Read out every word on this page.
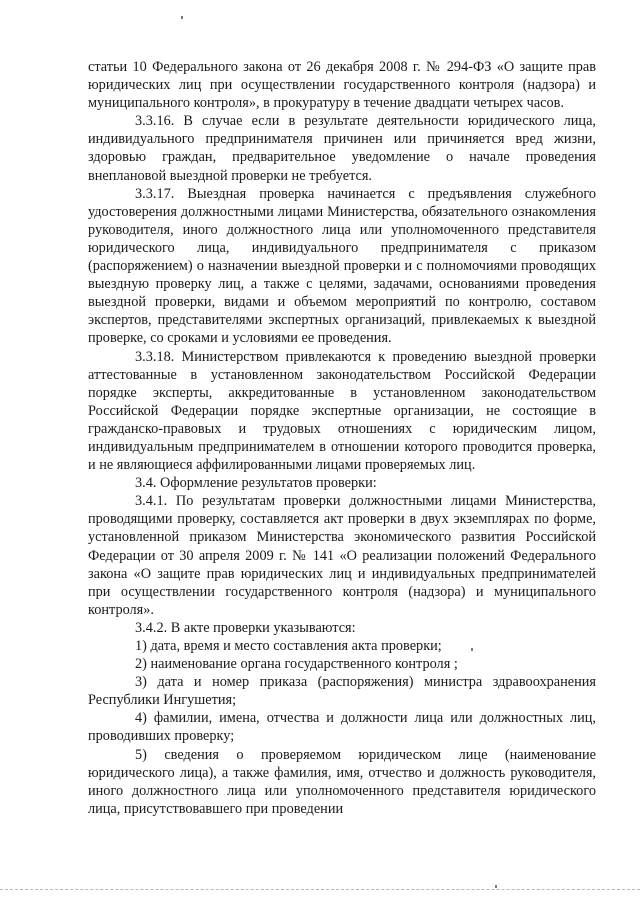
статьи 10 Федерального закона от 26 декабря 2008 г. № 294-ФЗ «О защите прав юридических лиц при осуществлении государственного контроля (надзора) и муниципального контроля», в прокуратуру в течение двадцати четырех часов.

3.3.16. В случае если в результате деятельности юридического лица, индивидуального предпринимателя причинен или причиняется вред жизни, здоровью граждан, предварительное уведомление о начале проведения внеплановой выездной проверки не требуется.

3.3.17. Выездная проверка начинается с предъявления служебного удостоверения должностными лицами Министерства, обязательного ознакомления руководителя, иного должностного лица или уполномоченного представителя юридического лица, индивидуального предпринимателя с приказом (распоряжением) о назначении выездной проверки и с полномочиями проводящих выездную проверку лиц, а также с целями, задачами, основаниями проведения выездной проверки, видами и объемом мероприятий по контролю, составом экспертов, представителями экспертных организаций, привлекаемых к выездной проверке, со сроками и условиями ее проведения.

3.3.18. Министерством привлекаются к проведению выездной проверки аттестованные в установленном законодательством Российской Федерации порядке эксперты, аккредитованные в установленном законодательством Российской Федерации порядке экспертные организации, не состоящие в гражданско-правовых и трудовых отношениях с юридическим лицом, индивидуальным предпринимателем в отношении которого проводится проверка, и не являющиеся аффилированными лицами проверяемых лиц.

3.4. Оформление результатов проверки:

3.4.1. По результатам проверки должностными лицами Министерства, проводящими проверку, составляется акт проверки в двух экземплярах по форме, установленной приказом Министерства экономического развития Российской Федерации от 30 апреля 2009 г. № 141 «О реализации положений Федерального закона «О защите прав юридических лиц и индивидуальных предпринимателей при осуществлении государственного контроля (надзора) и муниципального контроля».

3.4.2. В акте проверки указываются:

1) дата, время и место составления акта проверки;

2) наименование органа государственного контроля ;

3) дата и номер приказа (распоряжения) министра здравоохранения Республики Ингушетия;

4) фамилии, имена, отчества и должности лица или должностных лиц, проводивших проверку;

5) сведения о проверяемом юридическом лице (наименование юридического лица), а также фамилия, имя, отчество и должность руководителя, иного должностного лица или уполномоченного представителя юридического лица, присутствовавшего при проведении
